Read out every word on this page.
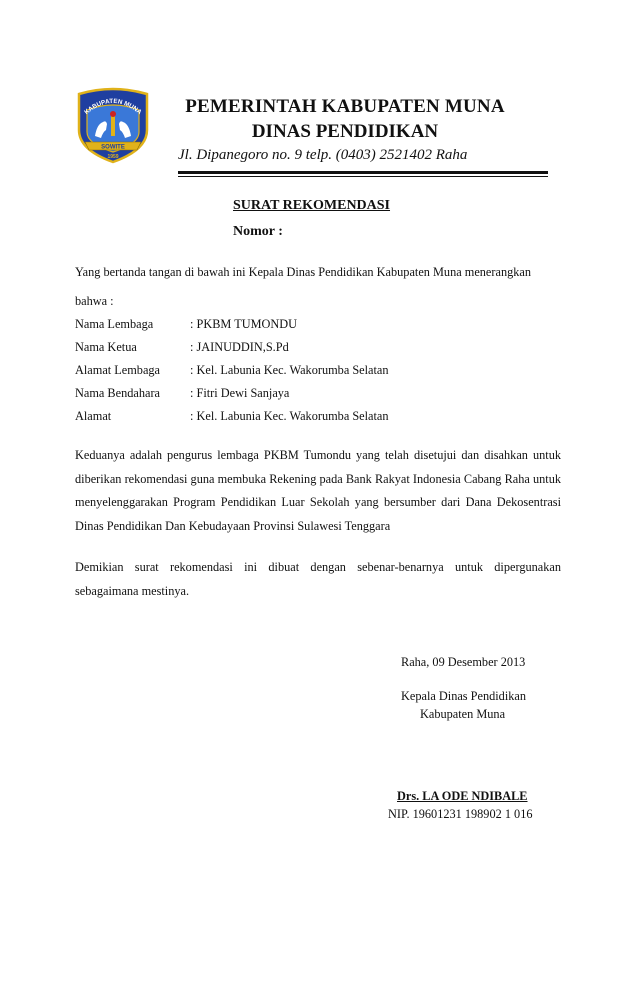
SOWITE
KABUPATEN MUNA
1959
PEMERINTAH KABUPATEN MUNA
DINAS PENDIDIKAN
Jl. Dipanegoro no. 9 telp. (0403) 2521402 Raha
SURAT REKOMENDASI
Nomor :
Yang bertanda tangan di bawah ini Kepala Dinas Pendidikan Kabupaten Muna menerangkan
bahwa :
Nama Lembaga	: PKBM TUMONDU
Nama Ketua	: JAINUDDIN,S.Pd
Alamat Lembaga : Kel. Labunia Kec. Wakorumba Selatan
Nama Bendahara : Fitri Dewi Sanjaya
Alamat	: Kel. Labunia Kec. Wakorumba Selatan
Keduanya adalah pengurus lembaga PKBM Tumondu yang telah disetujui dan disahkan untuk diberikan rekomendasi guna membuka Rekening pada Bank Rakyat Indonesia Cabang Raha untuk menyelenggarakan Program Pendidikan Luar Sekolah yang bersumber dari Dana Dekosentrasi Dinas Pendidikan Dan Kebudayaan Provinsi Sulawesi Tenggara
Demikian surat rekomendasi ini dibuat dengan sebenar-benarnya untuk dipergunakan sebagaimana mestinya.
Raha, 09 Desember 2013
Kepala Dinas Pendidikan
Kabupaten Muna
Drs. LA ODE NDIBALE
NIP. 19601231 198902 1 016
